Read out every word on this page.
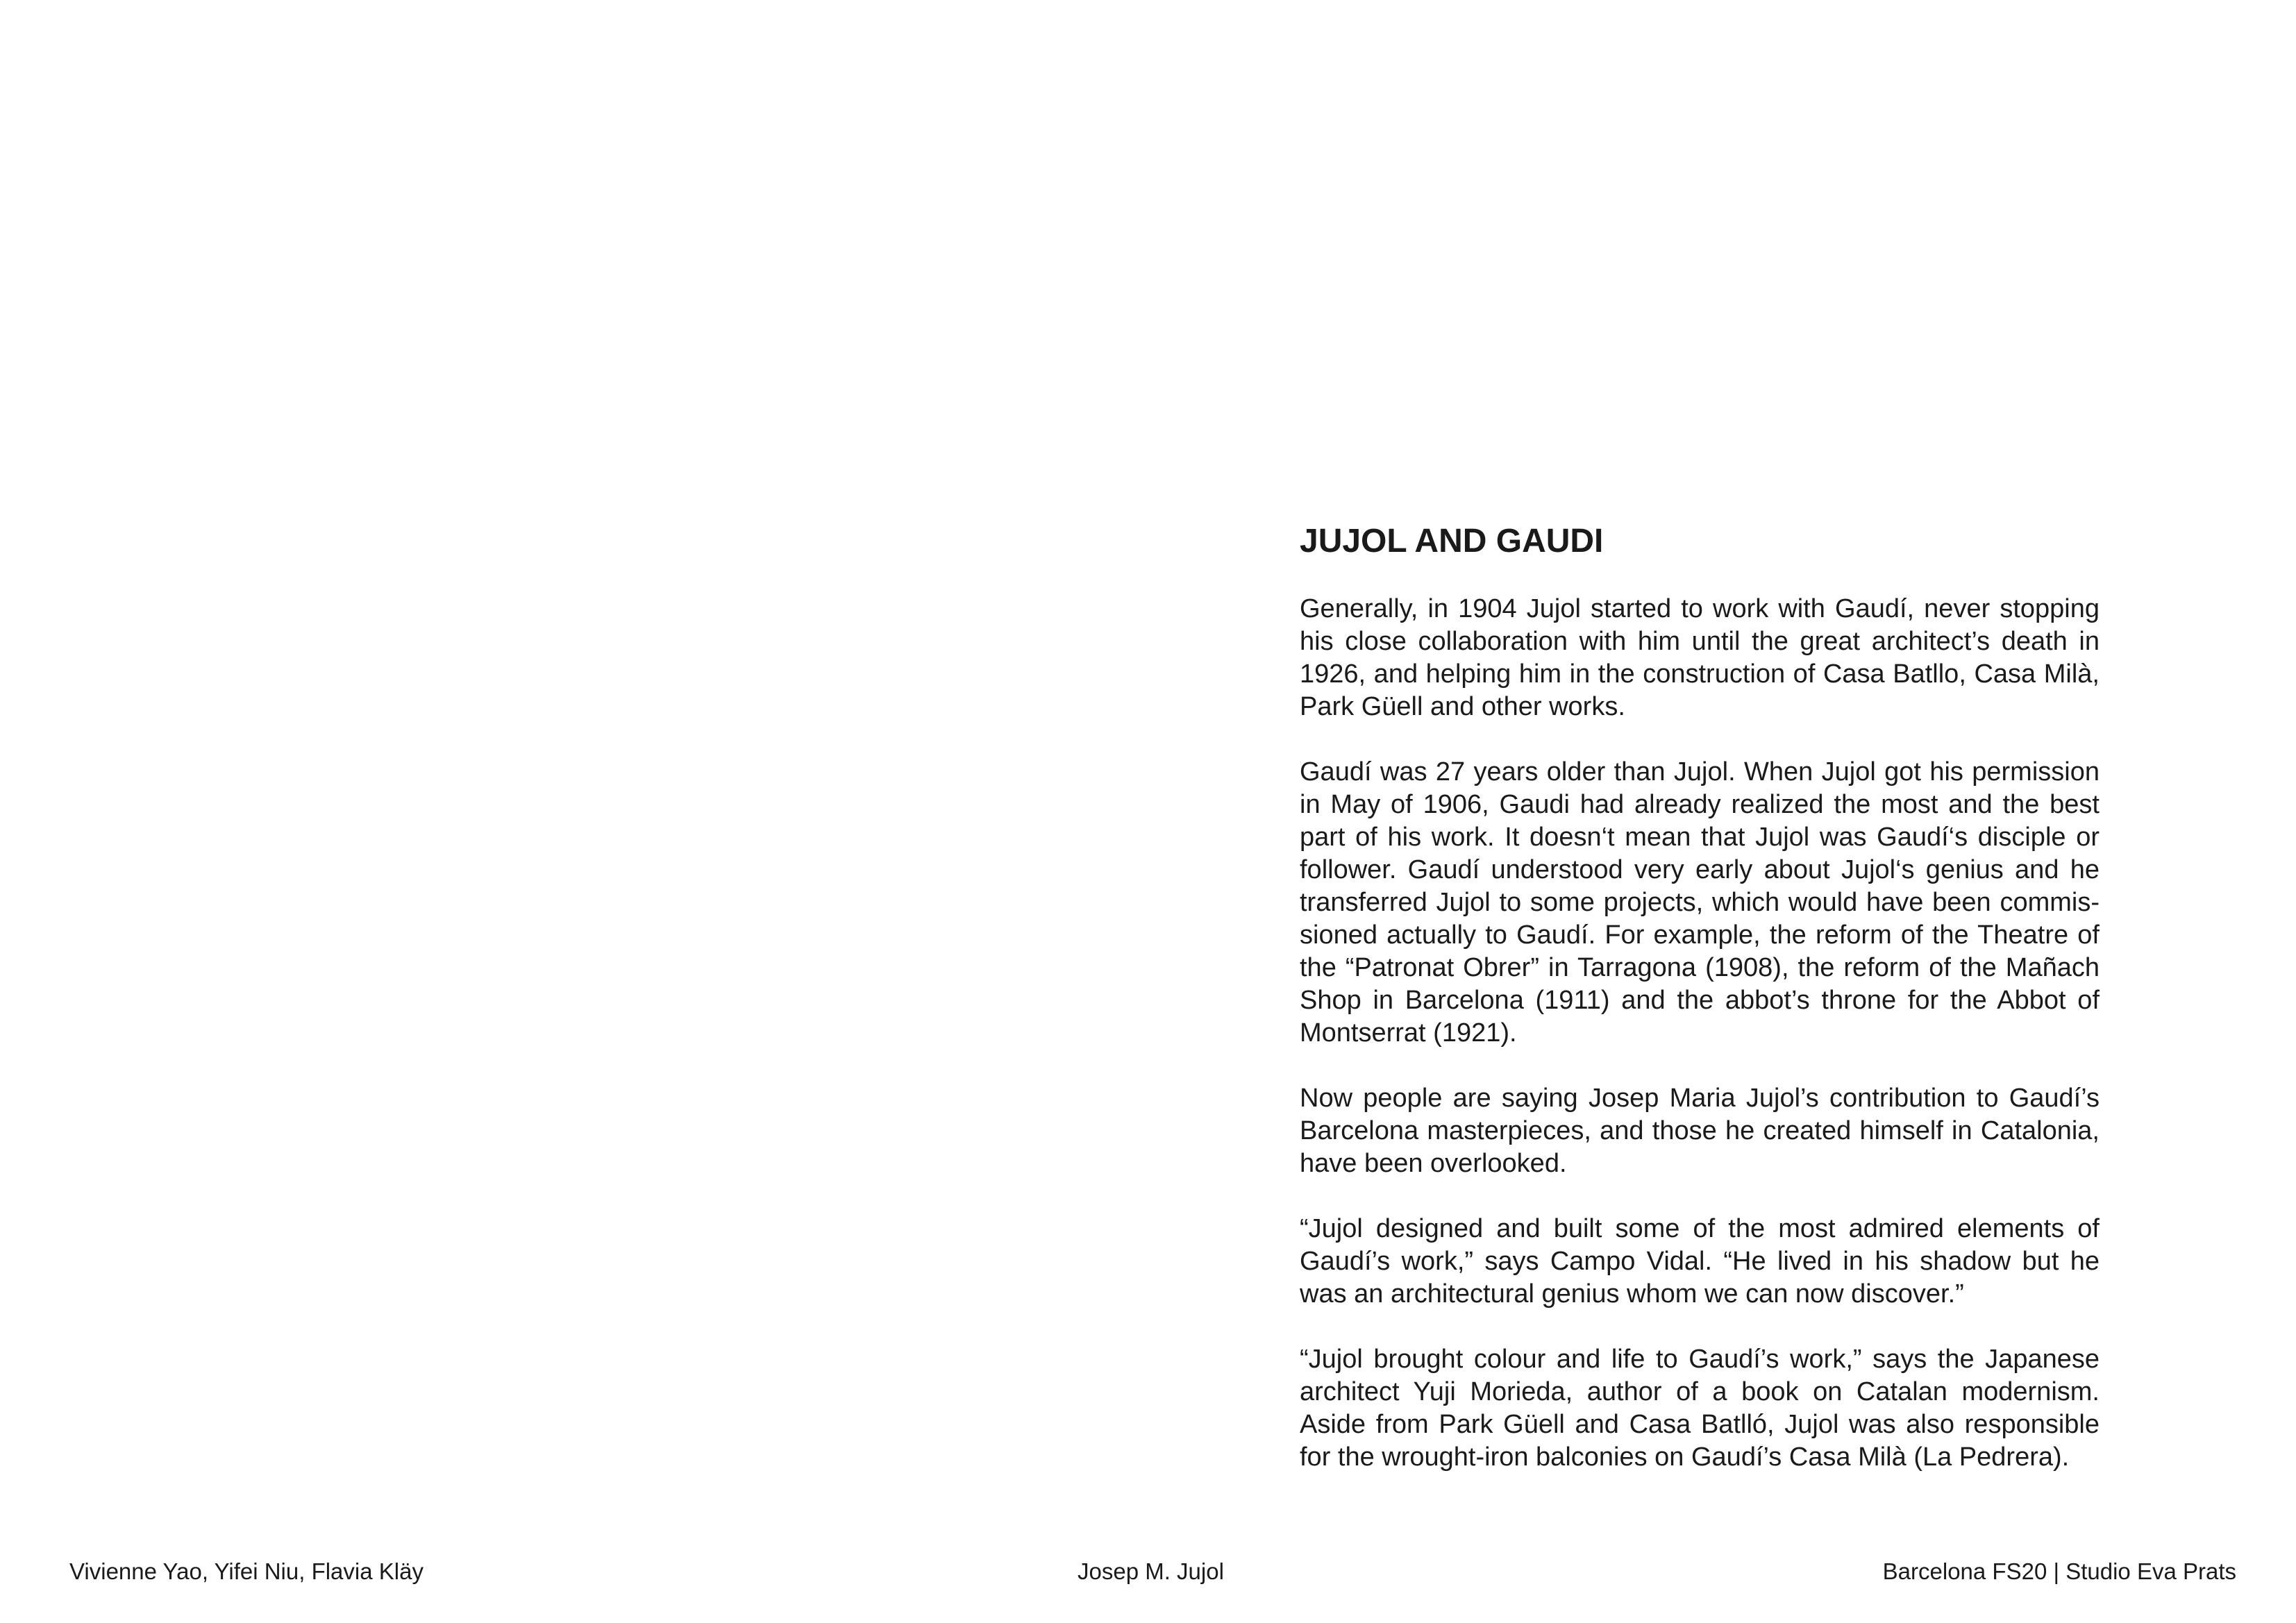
JUJOL AND GAUDI

Generally, in 1904 Jujol started to work with Gaudí, never stopping his close collaboration with him until the great architect’s death in 1926, and helping him in the construction of Casa Batllo, Casa Milà, Park Güell and other works.

Gaudí was 27 years older than Jujol. When Jujol got his permission in May of 1906, Gaudi had already realized the most and the best part of his work. It doesn‘t mean that Jujol was Gaudí‘s disciple or follower. Gaudí understood very early about Jujol‘s genius and he transferred Jujol to some projects, which would have been commissioned actually to Gaudí. For example, the reform of the Theatre of the “Patronat Obrer” in Tarragona (1908), the reform of the Mañach Shop in Barcelona (1911) and the abbot’s throne for the Abbot of Montserrat (1921).

Now people are saying Josep Maria Jujol’s contribution to Gaudí’s Barcelona masterpieces, and those he created himself in Catalonia, have been overlooked.

“Jujol designed and built some of the most admired elements of Gaudí’s work,” says Campo Vidal. “He lived in his shadow but he was an architectural genius whom we can now discover.”

“Jujol brought colour and life to Gaudí’s work,” says the Japanese architect Yuji Morieda, author of a book on Catalan modernism. Aside from Park Güell and Casa Batlló, Jujol was also responsible for the wrought-iron balconies on Gaudí’s Casa Milà (La Pedrera).

Vivienne Yao, Yifei Niu, Flavia Kläy	Josep M. Jujol	Barcelona FS20 | Studio Eva Prats
